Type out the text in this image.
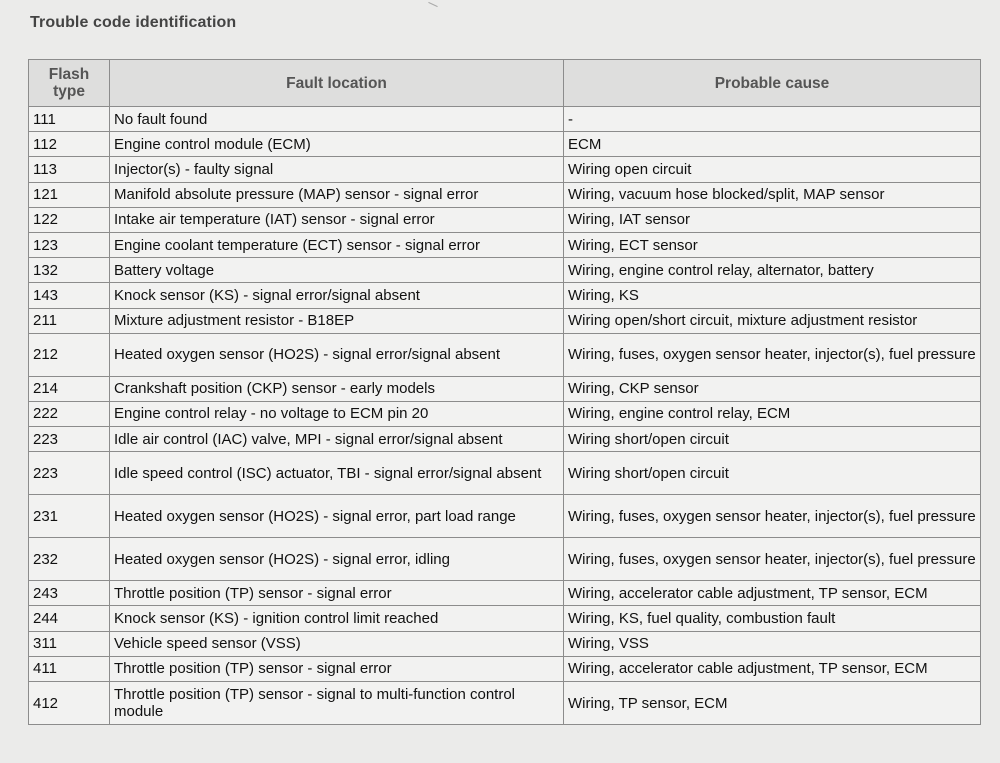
Trouble code identification
Flash type	Fault location	Probable cause
111	No fault found	-
112	Engine control module (ECM)	ECM
113	Injector(s) - faulty signal	Wiring open circuit
121	Manifold absolute pressure (MAP) sensor - signal error	Wiring, vacuum hose blocked/split, MAP sensor
122	Intake air temperature (IAT) sensor - signal error	Wiring, IAT sensor
123	Engine coolant temperature (ECT) sensor - signal error	Wiring, ECT sensor
132	Battery voltage	Wiring, engine control relay, alternator, battery
143	Knock sensor (KS) - signal error/signal absent	Wiring, KS
211	Mixture adjustment resistor - B18EP	Wiring open/short circuit, mixture adjustment resistor
212	Heated oxygen sensor (HO2S) - signal error/signal absent	Wiring, fuses, oxygen sensor heater, injector(s), fuel pressure
214	Crankshaft position (CKP) sensor - early models	Wiring, CKP sensor
222	Engine control relay - no voltage to ECM pin 20	Wiring, engine control relay, ECM
223	Idle air control (IAC) valve, MPI - signal error/signal absent	Wiring short/open circuit
223	Idle speed control (ISC) actuator, TBI - signal error/signal absent	Wiring short/open circuit
231	Heated oxygen sensor (HO2S) - signal error, part load range	Wiring, fuses, oxygen sensor heater, injector(s), fuel pressure
232	Heated oxygen sensor (HO2S) - signal error, idling	Wiring, fuses, oxygen sensor heater, injector(s), fuel pressure
243	Throttle position (TP) sensor - signal error	Wiring, accelerator cable adjustment, TP sensor, ECM
244	Knock sensor (KS) - ignition control limit reached	Wiring, KS, fuel quality, combustion fault
311	Vehicle speed sensor (VSS)	Wiring, VSS
411	Throttle position (TP) sensor - signal error	Wiring, accelerator cable adjustment, TP sensor, ECM
412	Throttle position (TP) sensor - signal to multi-function control module	Wiring, TP sensor, ECM
